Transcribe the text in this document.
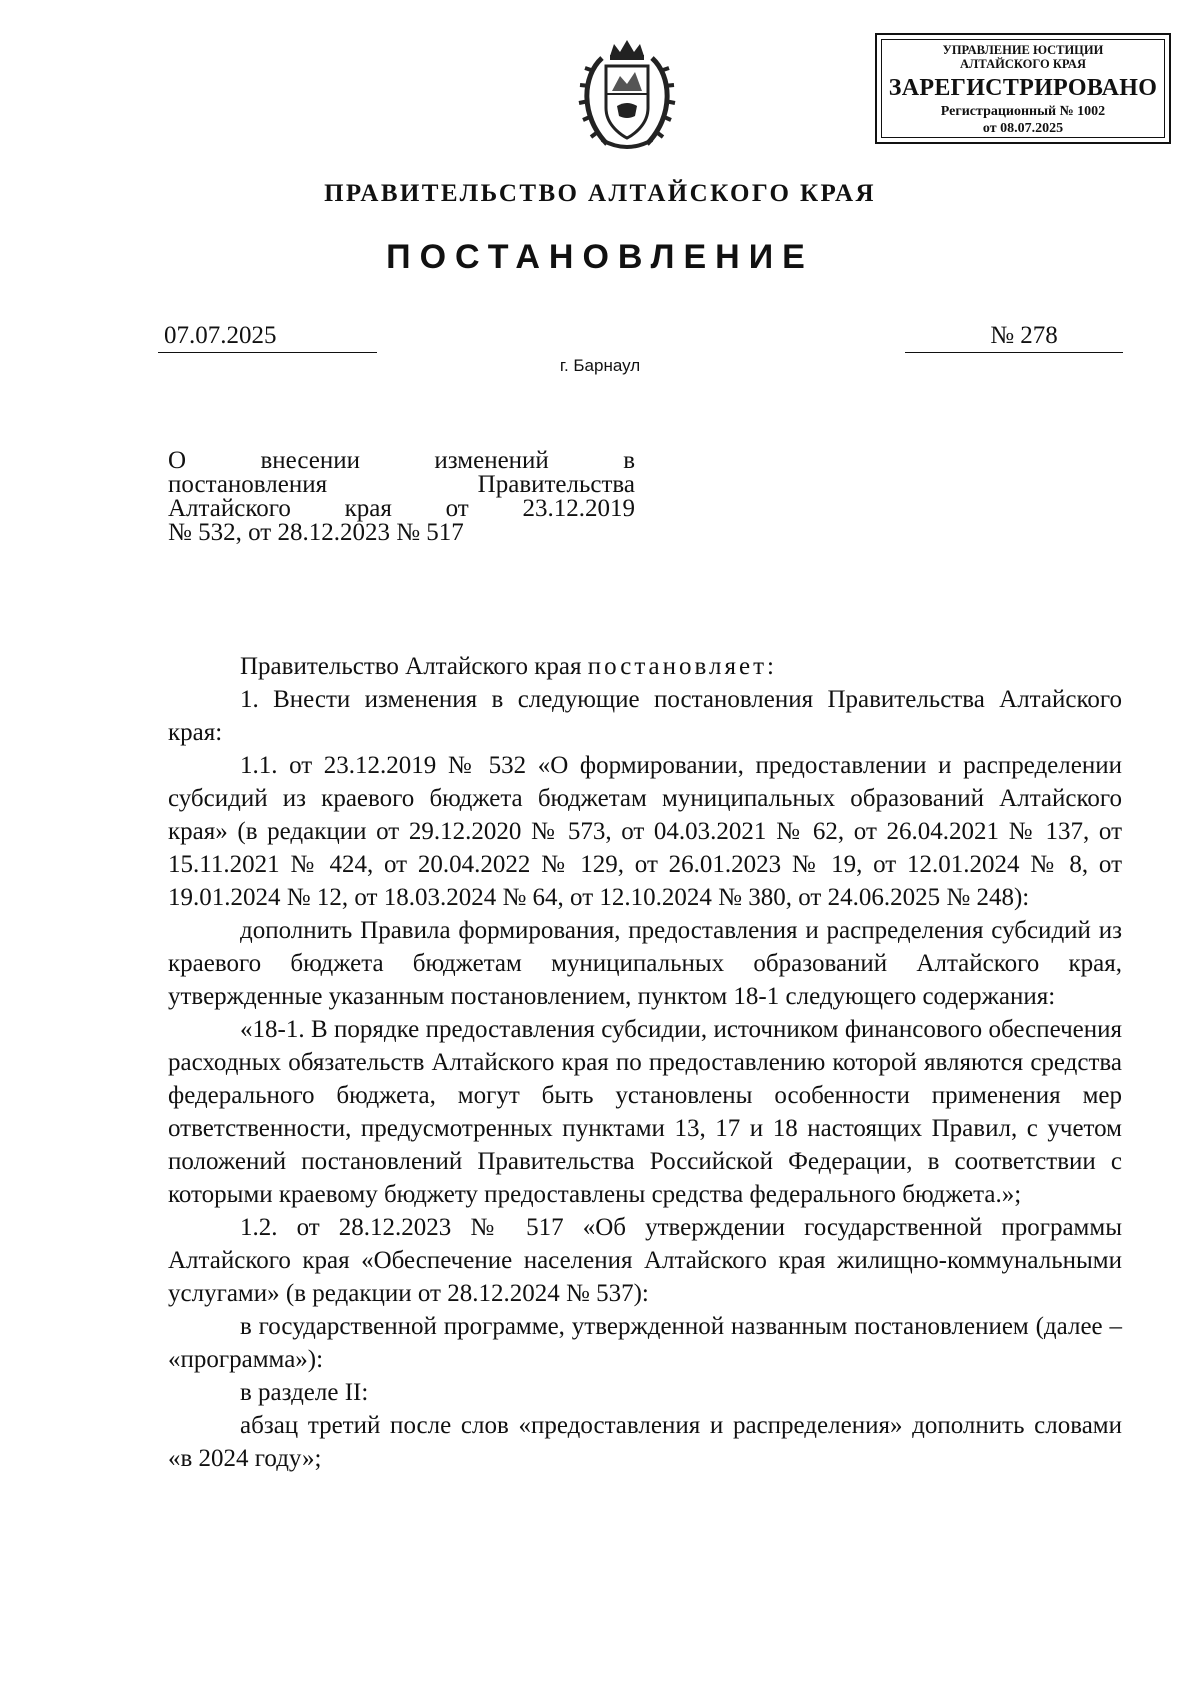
УПРАВЛЕНИЕ ЮСТИЦИИ
АЛТАЙСКОГО КРАЯ
ЗАРЕГИСТРИРОВАНО
Регистрационный № 1002
от 08.07.2025
ПРАВИТЕЛЬСТВО АЛТАЙСКОГО КРАЯ
ПОСТАНОВЛЕНИЕ
07.07.2025	№ 278
г. Барнаул
О внесении изменений в
постановления Правительства
Алтайского края от 23.12.2019
№ 532, от 28.12.2023 № 517

Правительство Алтайского края постановляет:

1. Внести изменения в следующие постановления Правительства Алтайского края:

1.1. от 23.12.2019 № 532 «О формировании, предоставлении и распределении субсидий из краевого бюджета бюджетам муниципальных образований Алтайского края» (в редакции от 29.12.2020 № 573, от 04.03.2021 № 62, от 26.04.2021 № 137, от 15.11.2021 № 424, от 20.04.2022 № 129, от 26.01.2023 № 19, от 12.01.2024 № 8, от 19.01.2024 № 12, от 18.03.2024 № 64, от 12.10.2024 № 380, от 24.06.2025 № 248):

дополнить Правила формирования, предоставления и распределения субсидий из краевого бюджета бюджетам муниципальных образований Алтайского края, утвержденные указанным постановлением, пунктом 18-1 следующего содержания:

«18-1. В порядке предоставления субсидии, источником финансового обеспечения расходных обязательств Алтайского края по предоставлению которой являются средства федерального бюджета, могут быть установлены особенности применения мер ответственности, предусмотренных пунктами 13, 17 и 18 настоящих Правил, с учетом положений постановлений Правительства Российской Федерации, в соответствии с которыми краевому бюджету предоставлены средства федерального бюджета.»;

1.2. от 28.12.2023 № 517 «Об утверждении государственной программы Алтайского края «Обеспечение населения Алтайского края жилищно-коммунальными услугами» (в редакции от 28.12.2024 № 537):

в государственной программе, утвержденной названным постановлением (далее – «программа»):

в разделе II:

абзац третий после слов «предоставления и распределения» дополнить словами «в 2024 году»;
